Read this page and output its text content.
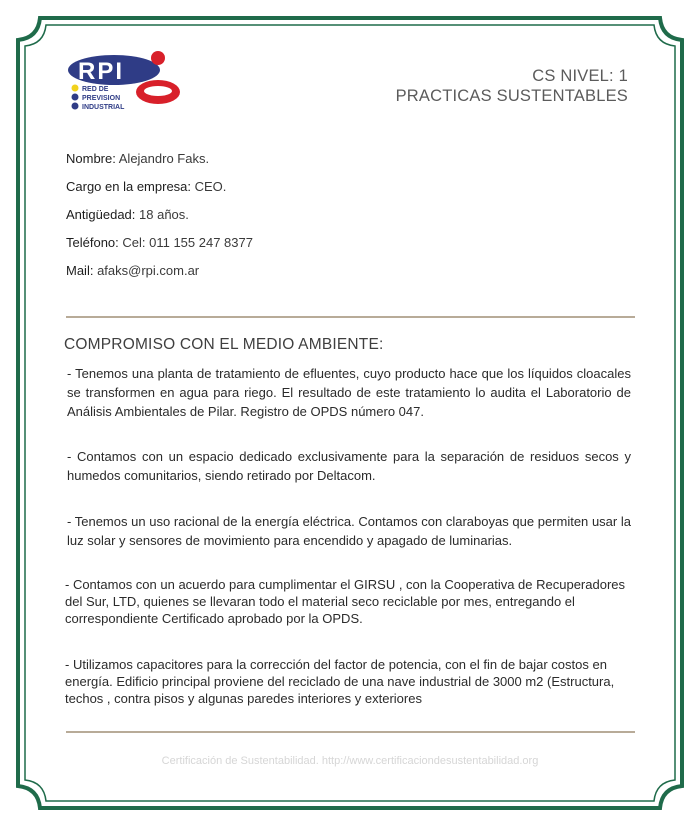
RPI
RED DE
PREVISION
INDUSTRIAL
CS NIVEL: 1
PRACTICAS SUSTENTABLES
Nombre: Alejandro Faks.
Cargo en la empresa: CEO.
Antigüedad: 18 años.
Teléfono: Cel: 011 155 247 8377
Mail: afaks@rpi.com.ar
COMPROMISO CON EL MEDIO AMBIENTE:

- Tenemos una planta de tratamiento de efluentes, cuyo producto hace que los líquidos cloacales se transformen en agua para riego. El resultado de este tratamiento lo audita el Laboratorio de Análisis Ambientales de Pilar. Registro de OPDS número 047.

- Contamos con un espacio dedicado exclusivamente para la separación de residuos secos y humedos comunitarios, siendo retirado por Deltacom.

- Tenemos un uso racional de la energía eléctrica. Contamos con claraboyas que permiten usar la luz solar y sensores de movimiento para encendido y apagado de luminarias.

- Contamos con un acuerdo para cumplimentar el GIRSU , con la Cooperativa de Recuperadores del Sur, LTD, quienes se llevaran todo el material seco reciclable por mes, entregando el correspondiente Certificado aprobado por la OPDS.

- Utilizamos capacitores para la corrección del factor de potencia, con el fin de bajar costos en energía. Edificio principal proviene del reciclado de una nave industrial de 3000 m2 (Estructura, techos , contra pisos y algunas paredes interiores y exteriores

Certificación de Sustentabilidad. http://www.certificaciondesustentabilidad.org
